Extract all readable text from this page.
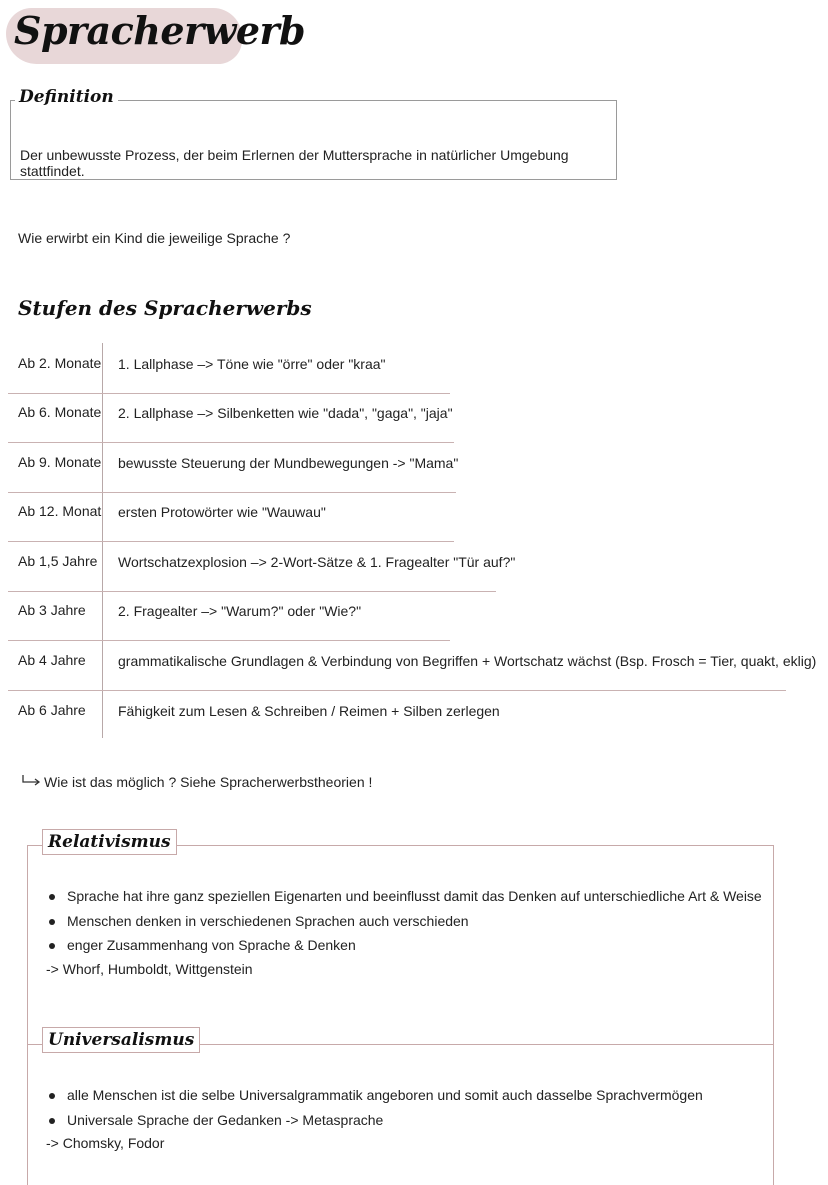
Spracherwerb
Definition
Der unbewusste Prozess, der beim Erlernen der Muttersprache in natürlicher Umgebung stattfindet.
Wie erwirbt ein Kind die jeweilige Sprache ?
Stufen des Spracherwerbs
Ab 2. Monate 1. Lallphase –> Töne wie "örre" oder "kraa"
Ab 6. Monate 2. Lallphase –> Silbenketten wie "dada", "gaga", "jaja"
Ab 9. Monate bewusste Steuerung der Mundbewegungen -> "Mama"
Ab 12. Monat ersten Protowörter wie "Wauwau"
Ab 1,5 Jahre Wortschatzexplosion –> 2-Wort-Sätze & 1. Fragealter "Tür auf?"
Ab 3 Jahre 2. Fragealter –> "Warum?" oder "Wie?"
Ab 4 Jahre grammatikalische Grundlagen & Verbindung von Begriffen + Wortschatz wächst (Bsp. Frosch = Tier, quakt, eklig)
Ab 6 Jahre Fähigkeit zum Lesen & Schreiben / Reimen + Silben zerlegen
Wie ist das möglich ? Siehe Spracherwerbstheorien !
Relativismus
Sprache hat ihre ganz speziellen Eigenarten und beeinflusst damit das Denken auf unterschiedliche Art & Weise
Menschen denken in verschiedenen Sprachen auch verschieden
enger Zusammenhang von Sprache & Denken
-> Whorf, Humboldt, Wittgenstein
Universalismus
alle Menschen ist die selbe Universalgrammatik angeboren und somit auch dasselbe Sprachvermögen
Universale Sprache der Gedanken -> Metasprache
-> Chomsky, Fodor
